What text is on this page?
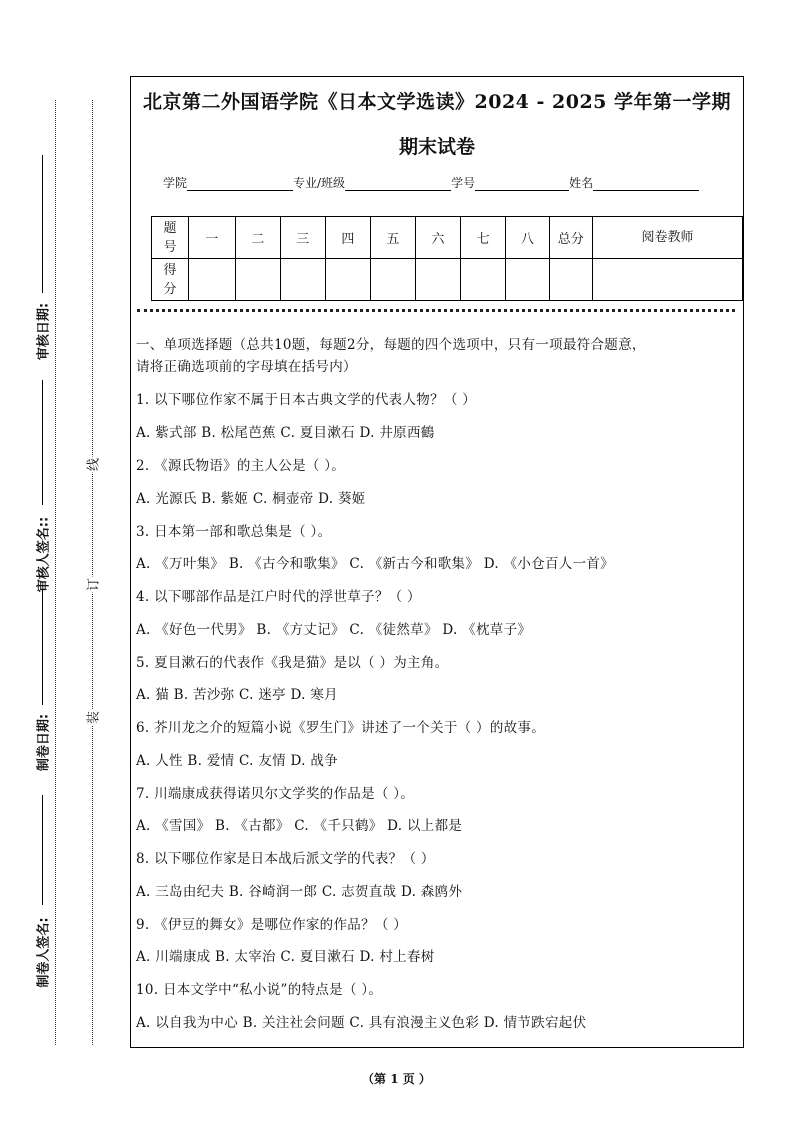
审核日期:
审核人签名::
制卷日期:
制卷人签名:
线
订
装
北京第二外国语学院《日本文学选读》2024 - 2025 学年第一学期
期末试卷
学院	专业/班级	学号	姓名
题号	一	二	三	四	五	六	七	八	总分	阅卷教师
得分										
一、单项选择题（总共10题，每题2分，每题的四个选项中，只有一项最符合题意，
请将正确选项前的字母填在括号内）
1. 以下哪位作家不属于日本古典文学的代表人物？（ ）
A. 紫式部 B. 松尾芭蕉 C. 夏目漱石 D. 井原西鶴
2. 《源氏物语》的主人公是（ ）。
A. 光源氏 B. 紫姬 C. 桐壶帝 D. 葵姬
3. 日本第一部和歌总集是（ ）。
A. 《万叶集》 B. 《古今和歌集》 C. 《新古今和歌集》 D. 《小仓百人一首》
4. 以下哪部作品是江户时代的浮世草子？（ ）
A. 《好色一代男》 B. 《方丈记》 C. 《徒然草》 D. 《枕草子》
5. 夏目漱石的代表作《我是猫》是以（ ）为主角。
A. 猫 B. 苦沙弥 C. 迷亭 D. 寒月
6. 芥川龙之介的短篇小说《罗生门》讲述了一个关于（ ）的故事。
A. 人性 B. 爱情 C. 友情 D. 战争
7. 川端康成获得诺贝尔文学奖的作品是（ ）。
A. 《雪国》 B. 《古都》 C. 《千只鹤》 D. 以上都是
8. 以下哪位作家是日本战后派文学的代表？（ ）
A. 三岛由纪夫 B. 谷崎润一郎 C. 志贺直哉 D. 森鸥外
9. 《伊豆的舞女》是哪位作家的作品？（ ）
A. 川端康成 B. 太宰治 C. 夏目漱石 D. 村上春树
10. 日本文学中“私小说”的特点是（ ）。
A. 以自我为中心 B. 关注社会问题 C. 具有浪漫主义色彩 D. 情节跌宕起伏
（第 1 页 ）
